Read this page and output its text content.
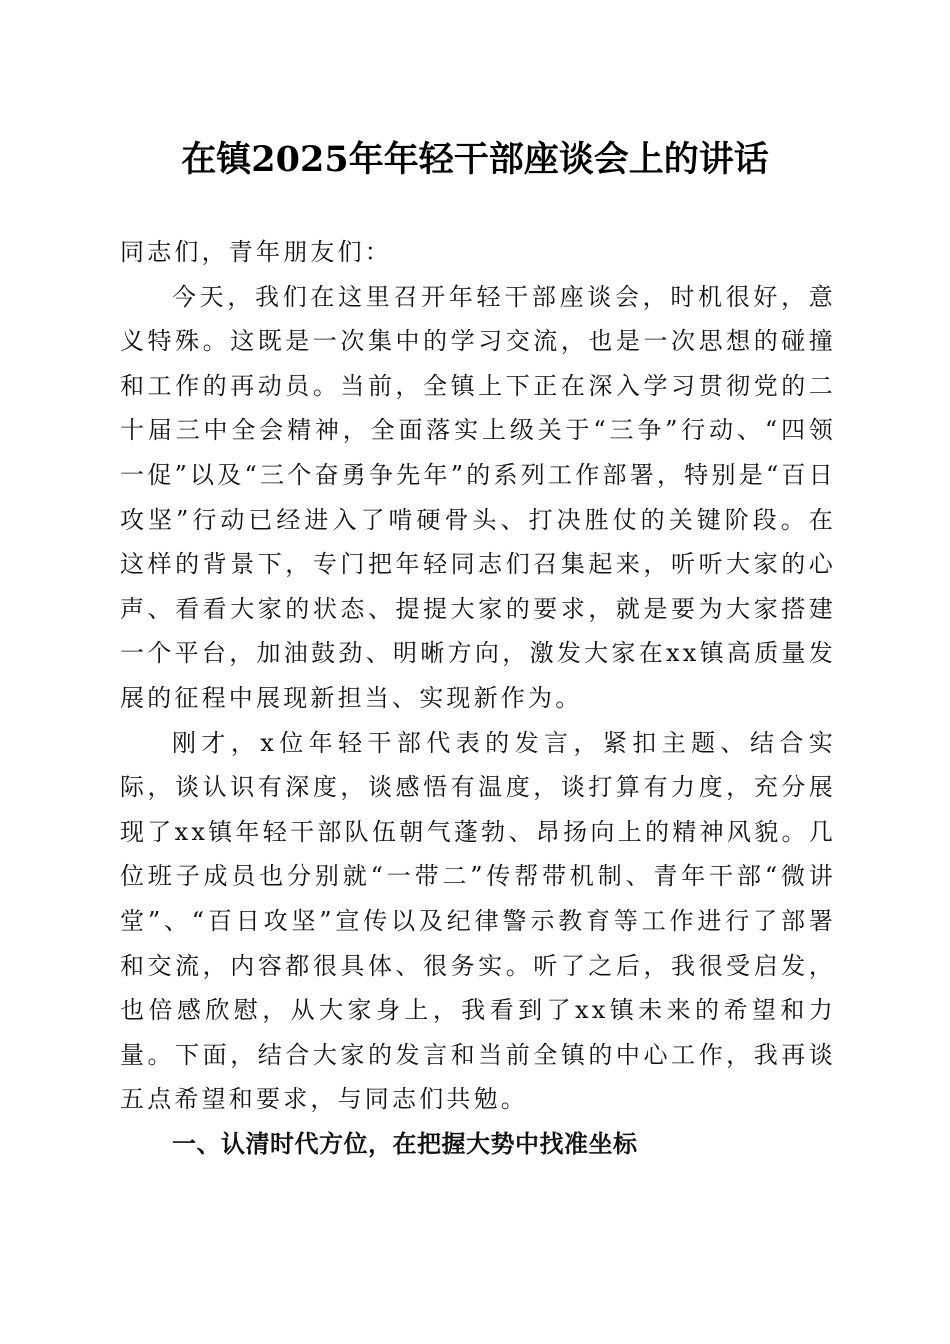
在镇2025年年轻干部座谈会上的讲话

同志们，青年朋友们：

今天，我们在这里召开年轻干部座谈会，时机很好，意义特殊。这既是一次集中的学习交流，也是一次思想的碰撞和工作的再动员。当前，全镇上下正在深入学习贯彻党的二十届三中全会精神，全面落实上级关于“三争”行动、“四领一促”以及“三个奋勇争先年”的系列工作部署，特别是“百日攻坚”行动已经进入了啃硬骨头、打决胜仗的关键阶段。在这样的背景下，专门把年轻同志们召集起来，听听大家的心声、看看大家的状态、提提大家的要求，就是要为大家搭建一个平台，加油鼓劲、明晰方向，激发大家在xx镇高质量发展的征程中展现新担当、实现新作为。

刚才，x位年轻干部代表的发言，紧扣主题、结合实际，谈认识有深度，谈感悟有温度，谈打算有力度，充分展现了xx镇年轻干部队伍朝气蓬勃、昂扬向上的精神风貌。几位班子成员也分别就“一带二”传帮带机制、青年干部“微讲堂”、“百日攻坚”宣传以及纪律警示教育等工作进行了部署和交流，内容都很具体、很务实。听了之后，我很受启发，也倍感欣慰，从大家身上，我看到了xx镇未来的希望和力量。下面，结合大家的发言和当前全镇的中心工作，我再谈五点希望和要求，与同志们共勉。

一、认清时代方位，在把握大势中找准坐标
